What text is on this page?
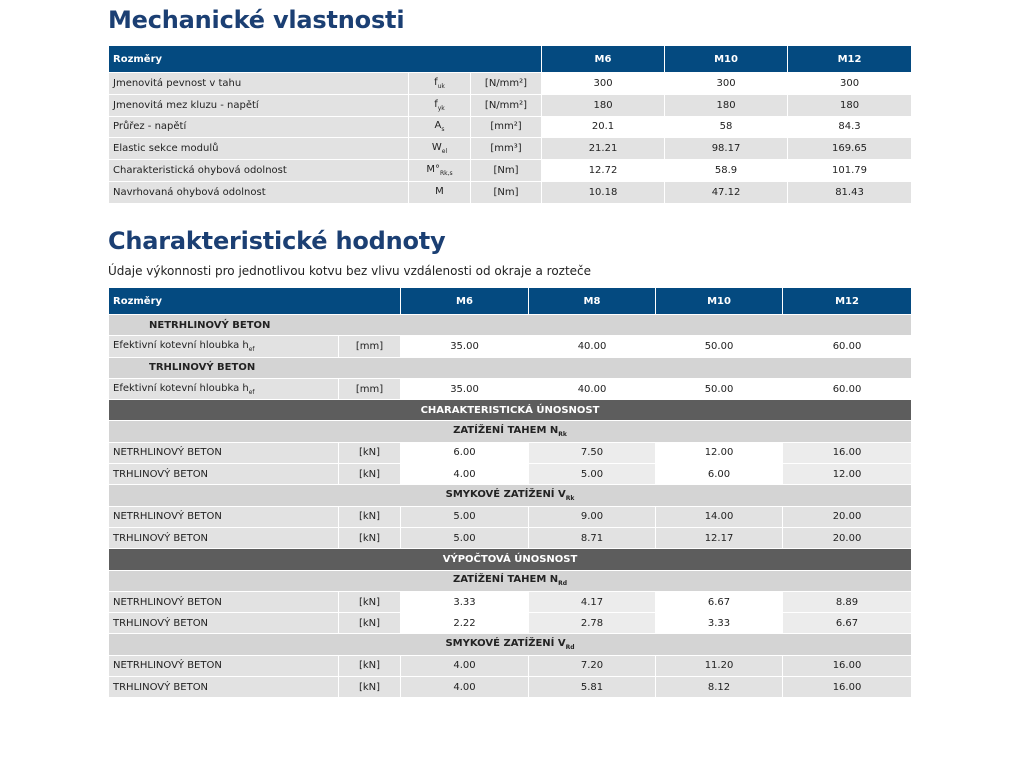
Mechanické vlastnosti
Rozměry			M6	M10	M12
Jmenovitá pevnost v tahu	$f_{uk}$	[N/mm²]	300	300	300
Jmenovitá mez kluzu - napětí	$f_{yk}$	[N/mm²]	180	180	180
Průřez - napětí	$A_s$	[mm²]	20.1	58	84.3
Elastic sekce modulů	$W_{el}$	[mm³]	21.21	98.17	169.65
Charakteristická ohybová odolnost	$M^\circ_{Rk,s}$	[Nm]	12.72	58.9	101.79
Navrhovaná ohybová odolnost	M	[Nm]	10.18	47.12	81.43
Charakteristické hodnoty
Údaje výkonnosti pro jednotlivou kotvu bez vlivu vzdálenosti od okraje a rozteče
Rozměry		M6	M8	M10	M12
NETRHLINOVÝ BETON					
Efektivní kotevní hloubka $h_{ef}$	[mm]	35.00	40.00	50.00	60.00
TRHLINOVÝ BETON					
Efektivní kotevní hloubka $h_{ef}$	[mm]	35.00	40.00	50.00	60.00
CHARAKTERISTICKÁ ÚNOSNOST					
ZATÍŽENÍ TAHEM $N_{Rk}$
NETRHLINOVÝ BETON	[kN]	6.00	7.50	12.00	16.00
TRHLINOVÝ BETON	[kN]	4.00	5.00	6.00	12.00
SMYKOVÉ ZATÍŽENÍ $V_{Rk}$
NETRHLINOVÝ BETON	[kN]	5.00	9.00	14.00	20.00
TRHLINOVÝ BETON	[kN]	5.00	8.71	12.17	20.00
VÝPOČTOVÁ ÚNOSNOST					
ZATÍŽENÍ TAHEM $N_{Rd}$
NETRHLINOVÝ BETON	[kN]	3.33	4.17	6.67	8.89
TRHLINOVÝ BETON	[kN]	2.22	2.78	3.33	6.67
SMYKOVÉ ZATÍŽENÍ $V_{Rd}$
NETRHLINOVÝ BETON	[kN]	4.00	7.20	11.20	16.00
TRHLINOVÝ BETON	[kN]	4.00	5.81	8.12	16.00
